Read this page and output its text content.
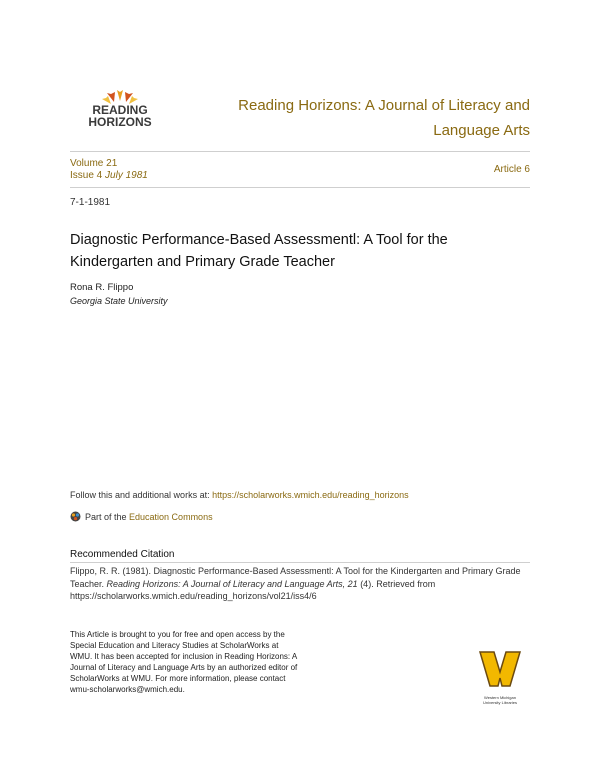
READING
HORIZONS
Reading Horizons: A Journal of Literacy and Language Arts
Volume 21
Issue 4 July 1981
Article 6
7-1-1981
Diagnostic Performance-Based Assessmentl: A Tool for the Kindergarten and Primary Grade Teacher
Rona R. Flippo
Georgia State University
Follow this and additional works at: https://scholarworks.wmich.edu/reading_horizons
Part of the Education Commons
Recommended Citation
Flippo, R. R. (1981). Diagnostic Performance-Based Assessmentl: A Tool for the Kindergarten and Primary Grade Teacher. Reading Horizons: A Journal of Literacy and Language Arts, 21 (4). Retrieved from https://scholarworks.wmich.edu/reading_horizons/vol21/iss4/6
This Article is brought to you for free and open access by the Special Education and Literacy Studies at ScholarWorks at WMU. It has been accepted for inclusion in Reading Horizons: A Journal of Literacy and Language Arts by an authorized editor of ScholarWorks at WMU. For more information, please contact wmu-scholarworks@wmich.edu.
Western Michigan
University Libraries
